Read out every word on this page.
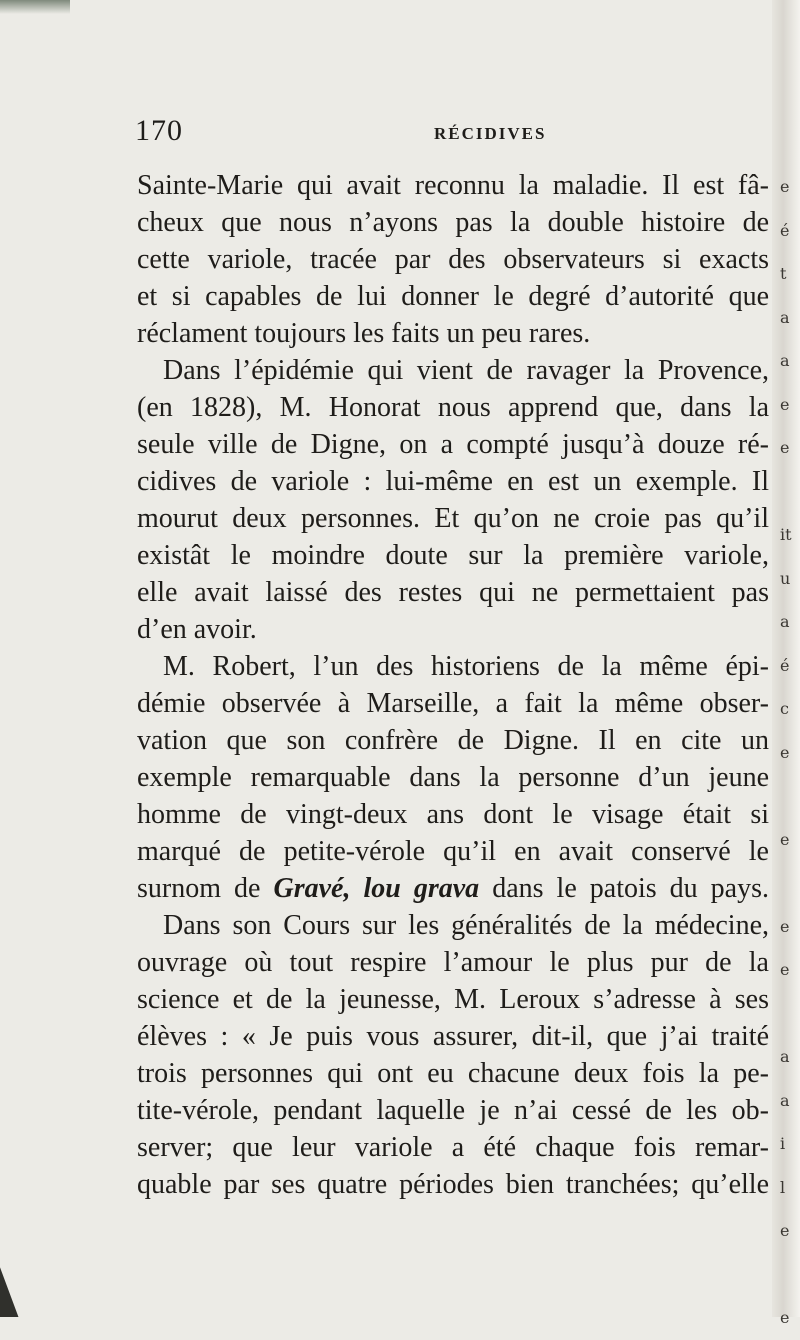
e
é
t
a
a
e
e
it
u
a
é
c
e
e
e
e
a
a
i
l
e
e
170	RÉCIDIVES
Sainte-Marie qui avait reconnu la maladie. Il est fâ-
cheux que nous n’ayons pas la double histoire de
cette variole, tracée par des observateurs si exacts
et si capables de lui donner le degré d’autorité que
réclament toujours les faits un peu rares.
Dans l’épidémie qui vient de ravager la Provence,
(en 1828), M. Honorat nous apprend que, dans la
seule ville de Digne, on a compté jusqu’à douze ré-
cidives de variole : lui-même en est un exemple. Il
mourut deux personnes. Et qu’on ne croie pas qu’il
existât le moindre doute sur la première variole,
elle avait laissé des restes qui ne permettaient pas
d’en avoir.
M. Robert, l’un des historiens de la même épi-
démie observée à Marseille, a fait la même obser-
vation que son confrère de Digne. Il en cite un
exemple remarquable dans la personne d’un jeune
homme de vingt-deux ans dont le visage était si
marqué de petite-vérole qu’il en avait conservé le
surnom de Gravé, lou grava dans le patois du pays.
Dans son Cours sur les généralités de la médecine,
ouvrage où tout respire l’amour le plus pur de la
science et de la jeunesse, M. Leroux s’adresse à ses
élèves : « Je puis vous assurer, dit-il, que j’ai traité
trois personnes qui ont eu chacune deux fois la pe-
tite-vérole, pendant laquelle je n’ai cessé de les ob-
server; que leur variole a été chaque fois remar-
quable par ses quatre périodes bien tranchées; qu’elle
